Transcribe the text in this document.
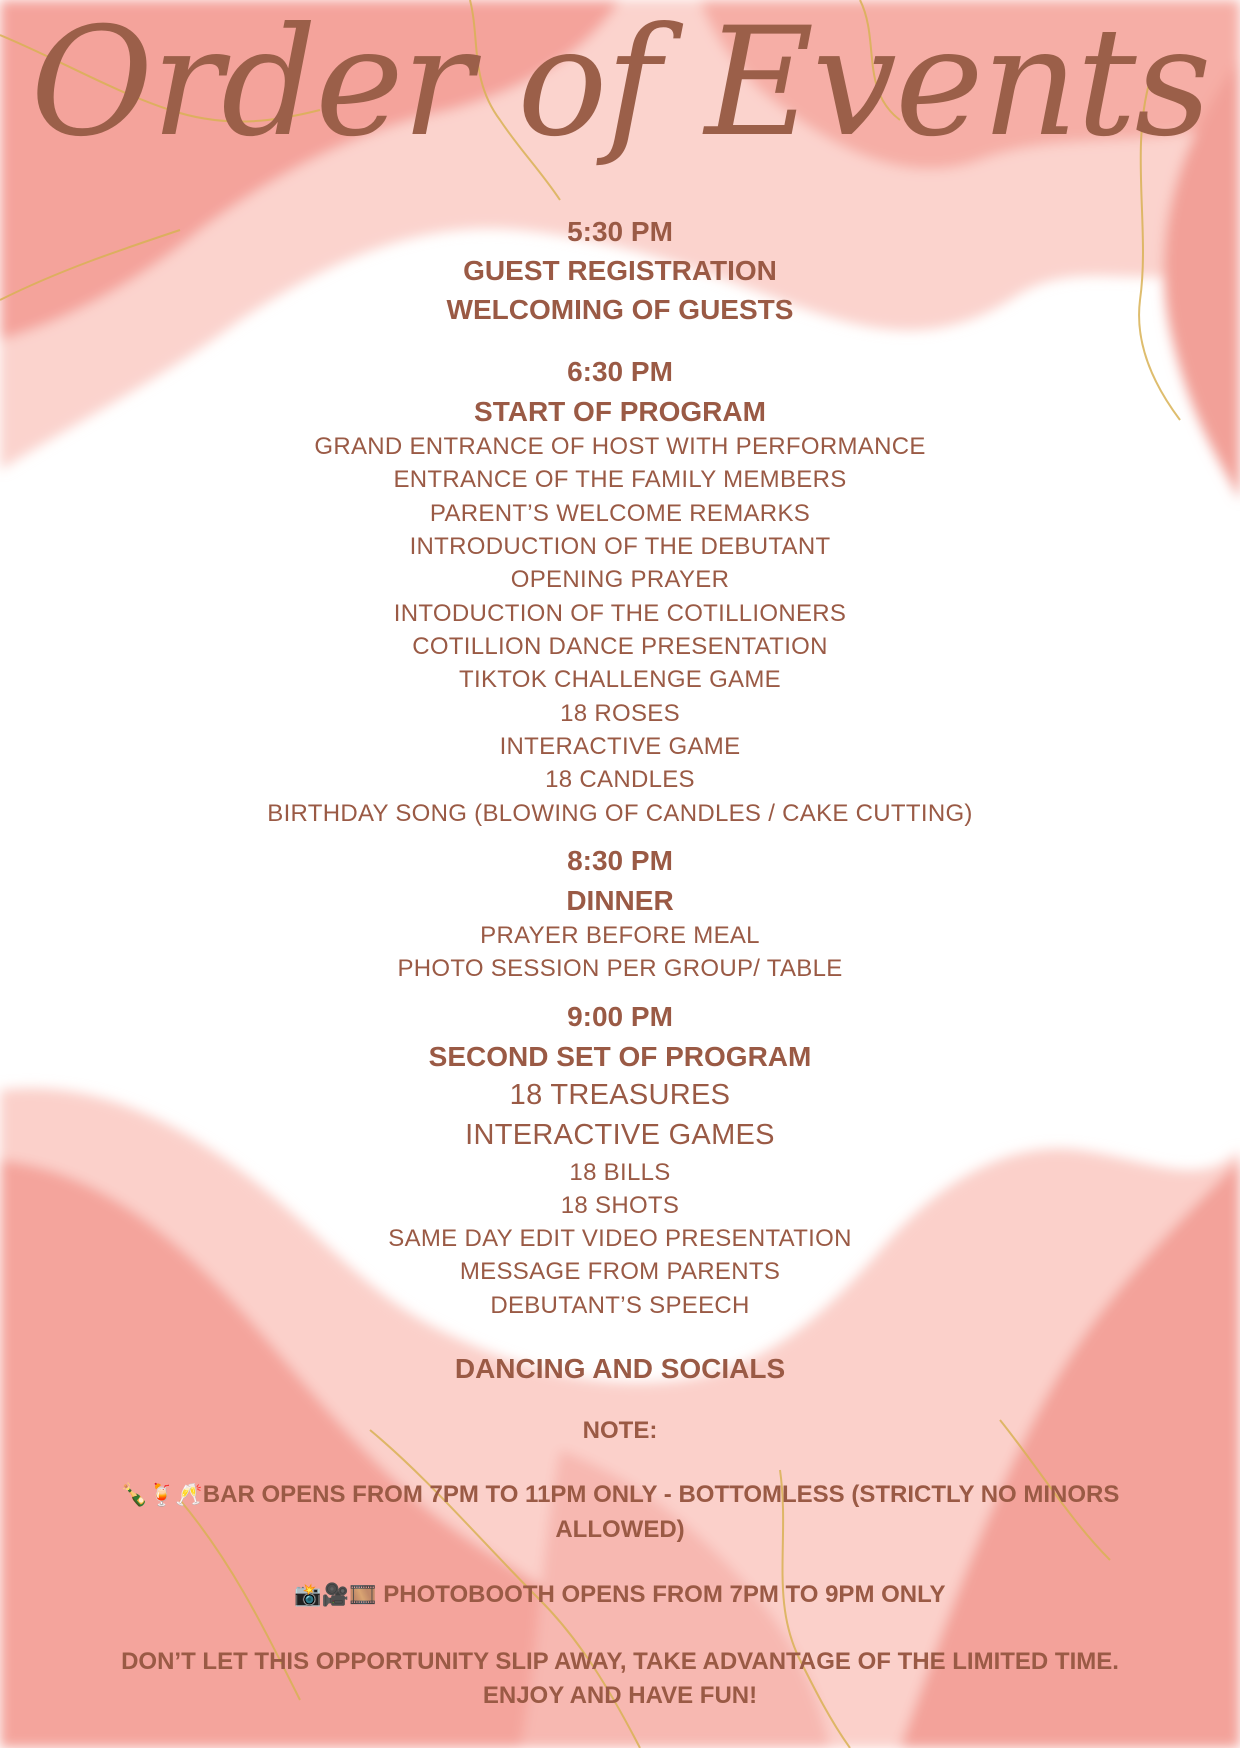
Order of Events
5:30 PM
GUEST REGISTRATION
WELCOMING OF GUESTS
6:30 PM
START OF PROGRAM
GRAND ENTRANCE OF HOST WITH PERFORMANCE
ENTRANCE OF THE FAMILY MEMBERS
PARENT’S WELCOME REMARKS
INTRODUCTION OF THE DEBUTANT
OPENING PRAYER
INTODUCTION OF THE COTILLIONERS
COTILLION DANCE PRESENTATION
TIKTOK CHALLENGE GAME
18 ROSES
INTERACTIVE GAME
18 CANDLES
BIRTHDAY SONG (BLOWING OF CANDLES / CAKE CUTTING)
8:30 PM
DINNER
PRAYER BEFORE MEAL
PHOTO SESSION PER GROUP/ TABLE
9:00 PM
SECOND SET OF PROGRAM
18 TREASURES
INTERACTIVE GAMES
18 BILLS
18 SHOTS
SAME DAY EDIT VIDEO PRESENTATION
MESSAGE FROM PARENTS
DEBUTANT’S SPEECH
DANCING AND SOCIALS
NOTE:
🍾🍹🥂BAR OPENS FROM 7PM TO 11PM ONLY - BOTTOMLESS (STRICTLY NO MINORS ALLOWED)
📸🎥🎞️ PHOTOBOOTH OPENS FROM 7PM TO 9PM ONLY
DON’T LET THIS OPPORTUNITY SLIP AWAY, TAKE ADVANTAGE OF THE LIMITED TIME. ENJOY AND HAVE FUN!
